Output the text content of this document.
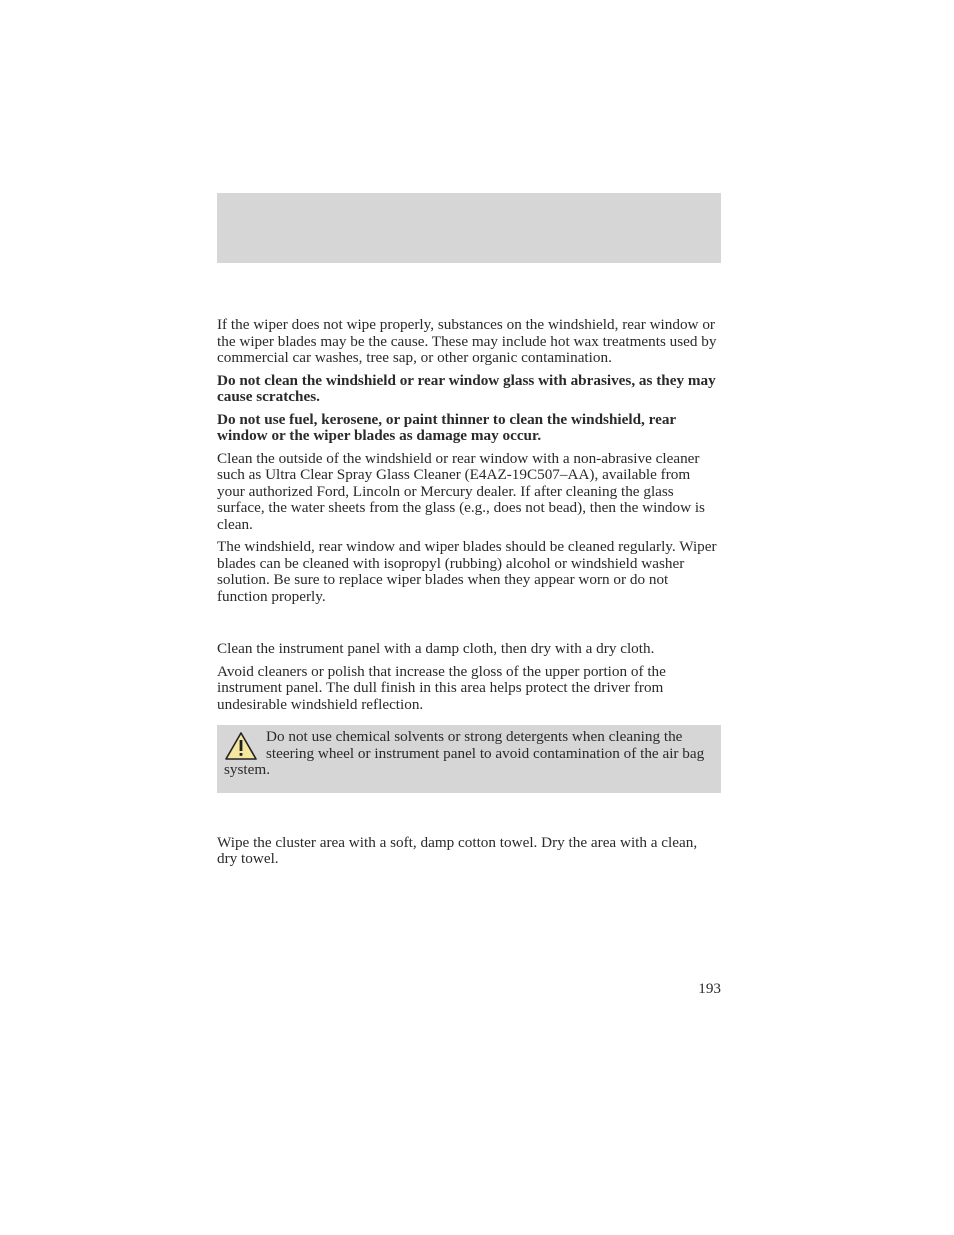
If the wiper does not wipe properly, substances on the windshield, rear window or the wiper blades may be the cause. These may include hot wax treatments used by commercial car washes, tree sap, or other organic contamination.

Do not clean the windshield or rear window glass with abrasives, as they may cause scratches.

Do not use fuel, kerosene, or paint thinner to clean the windshield, rear window or the wiper blades as damage may occur.

Clean the outside of the windshield or rear window with a non-abrasive cleaner such as Ultra Clear Spray Glass Cleaner (E4AZ-19C507–AA), available from your authorized Ford, Lincoln or Mercury dealer. If after cleaning the glass surface, the water sheets from the glass (e.g., does not bead), then the window is clean.

The windshield, rear window and wiper blades should be cleaned regularly. Wiper blades can be cleaned with isopropyl (rubbing) alcohol or windshield washer solution. Be sure to replace wiper blades when they appear worn or do not function properly.

Clean the instrument panel with a damp cloth, then dry with a dry cloth.

Avoid cleaners or polish that increase the gloss of the upper portion of the instrument panel. The dull finish in this area helps protect the driver from undesirable windshield reflection.

Do not use chemical solvents or strong detergents when cleaning the steering wheel or instrument panel to avoid contamination of the air bag system.

Wipe the cluster area with a soft, damp cotton towel. Dry the area with a clean, dry towel.

193
